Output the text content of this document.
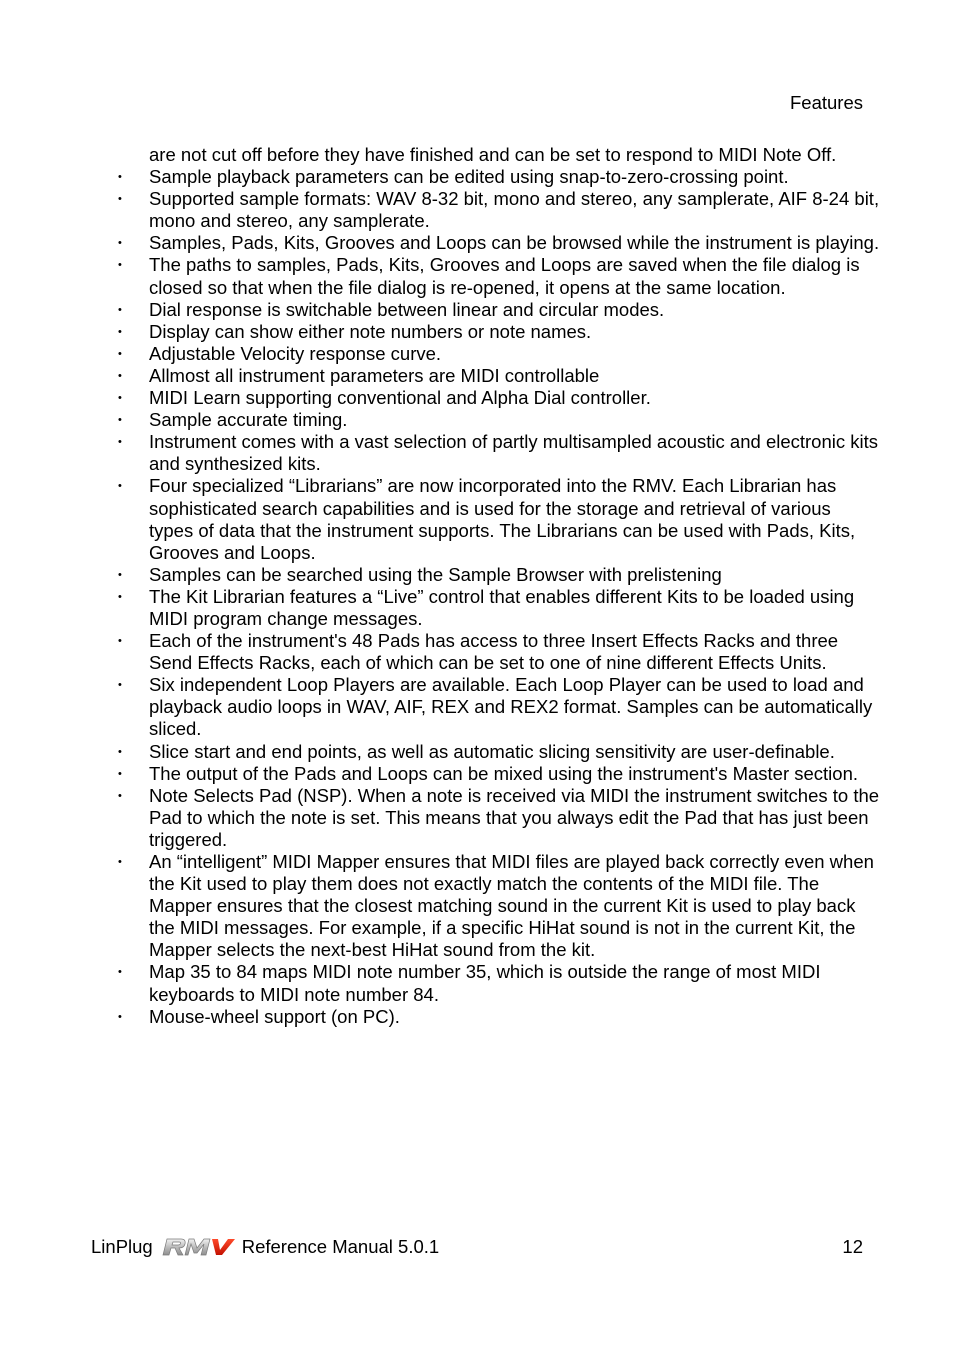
Features

are not cut off before they have finished and can be set to respond to MIDI Note Off.

• Sample playback parameters can be edited using snap-to-zero-crossing point.
• Supported sample formats: WAV 8-32 bit, mono and stereo, any samplerate, AIF 8-24 bit, mono and stereo, any samplerate.
• Samples, Pads, Kits, Grooves and Loops can be browsed while the instrument is playing.
• The paths to samples, Pads, Kits, Grooves and Loops are saved when the file dialog is closed so that when the file dialog is re-opened, it opens at the same location.
• Dial response is switchable between linear and circular modes.
• Display can show either note numbers or note names.
• Adjustable Velocity response curve.
• Allmost all instrument parameters are MIDI controllable
• MIDI Learn supporting conventional and Alpha Dial controller.
• Sample accurate timing.
• Instrument comes with a vast selection of partly multisampled acoustic and electronic kits and synthesized kits.
• Four specialized “Librarians” are now incorporated into the RMV. Each Librarian has sophisticated search capabilities and is used for the storage and retrieval of various types of data that the instrument supports. The Librarians can be used with Pads, Kits, Grooves and Loops.
• Samples can be searched using the Sample Browser with prelistening
• The Kit Librarian features a “Live” control that enables different Kits to be loaded using MIDI program change messages.
• Each of the instrument's 48 Pads has access to three Insert Effects Racks and three Send Effects Racks, each of which can be set to one of nine different Effects Units.
• Six independent Loop Players are available. Each Loop Player can be used to load and playback audio loops in WAV, AIF, REX and REX2 format. Samples can be automatically sliced.
• Slice start and end points, as well as automatic slicing sensitivity are user-definable.
• The output of the Pads and Loops can be mixed using the instrument's Master section.
• Note Selects Pad (NSP). When a note is received via MIDI the instrument switches to the Pad to which the note is set. This means that you always edit the Pad that has just been triggered.
• An “intelligent” MIDI Mapper ensures that MIDI files are played back correctly even when the Kit used to play them does not exactly match the contents of the MIDI file. The Mapper ensures that the closest matching sound in the current Kit is used to play back the MIDI messages. For example, if a specific HiHat sound is not in the current Kit, the Mapper selects the next-best HiHat sound from the kit.
• Map 35 to 84 maps MIDI note number 35, which is outside the range of most MIDI keyboards to MIDI note number 84.
• Mouse-wheel support (on PC).
LinPlug	Reference Manual 5.0.1	12
